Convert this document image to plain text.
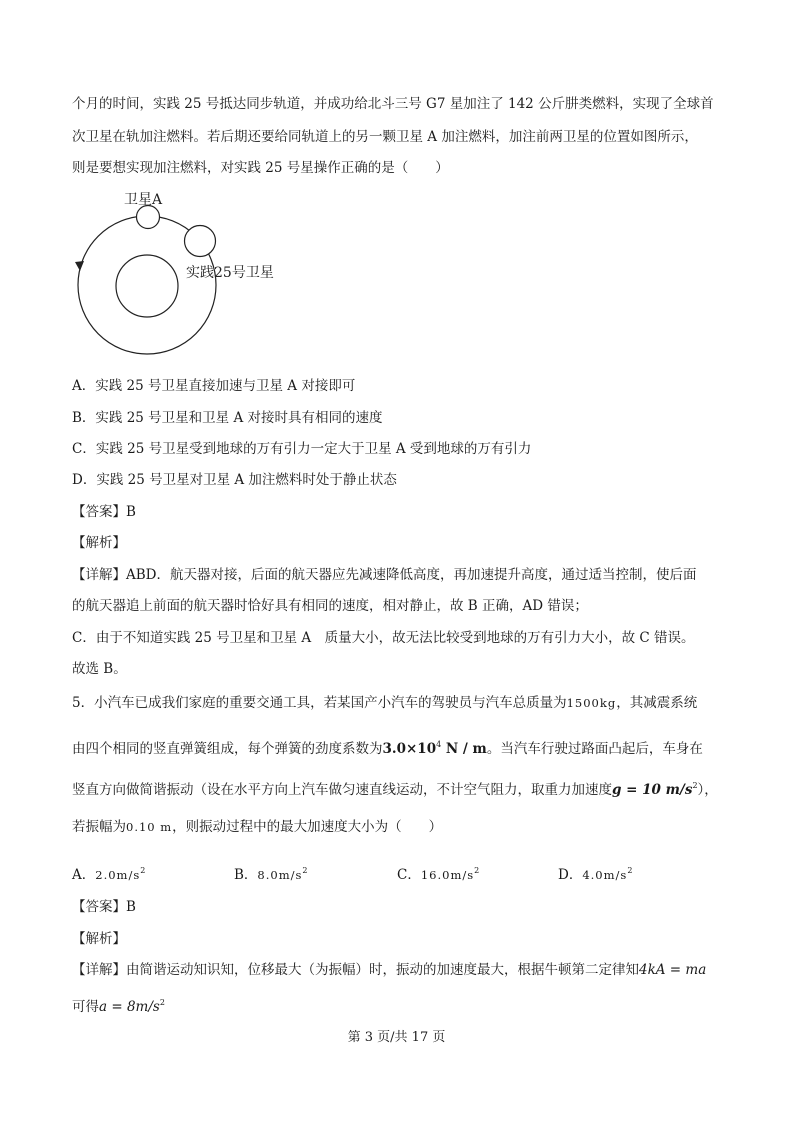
个月的时间，实践 25 号抵达同步轨道，并成功给北斗三号 G7 星加注了 142 公斤肼类燃料，实现了全球首
次卫星在轨加注燃料。若后期还要给同轨道上的另一颗卫星 A 加注燃料，加注前两卫星的位置如图所示，
则是要想实现加注燃料，对实践 25 号星操作正确的是（　　）
卫星A
实践25号卫星
A．实践 25 号卫星直接加速与卫星 A 对接即可
B．实践 25 号卫星和卫星 A 对接时具有相同的速度
C．实践 25 号卫星受到地球的万有引力一定大于卫星 A 受到地球的万有引力
D．实践 25 号卫星对卫星 A 加注燃料时处于静止状态
【答案】B
【解析】
【详解】ABD．航天器对接，后面的航天器应先减速降低高度，再加速提升高度，通过适当控制，使后面
的航天器追上前面的航天器时恰好具有相同的速度，相对静止，故 B 正确，AD 错误；
C．由于不知道实践 25 号卫星和卫星 A　质量大小，故无法比较受到地球的万有引力大小，故 C 错误。
故选 B。
5．小汽车已成我们家庭的重要交通工具，若某国产小汽车的驾驶员与汽车总质量为1500kg，其减震系统
由四个相同的竖直弹簧组成，每个弹簧的劲度系数为$3.0\times 10^4$ N / m。当汽车行驶过路面凸起后，车身在
竖直方向做简谐振动（设在水平方向上汽车做匀速直线运动，不计空气阻力，取重力加速度g = 10 $m/s^2$），
若振幅为0.10 m，则振动过程中的最大加速度大小为（　　）
A．$2.0m/s^2$	B．$8.0m/s^2$	C．$16.0m/s^2$	D．$4.0m/s^2$
【答案】B
【解析】
【详解】由简谐运动知识知，位移最大（为振幅）时，振动的加速度最大，根据牛顿第二定律知4kA = ma
可得$a = 8m/s^2$
第 3 页/共 17 页
